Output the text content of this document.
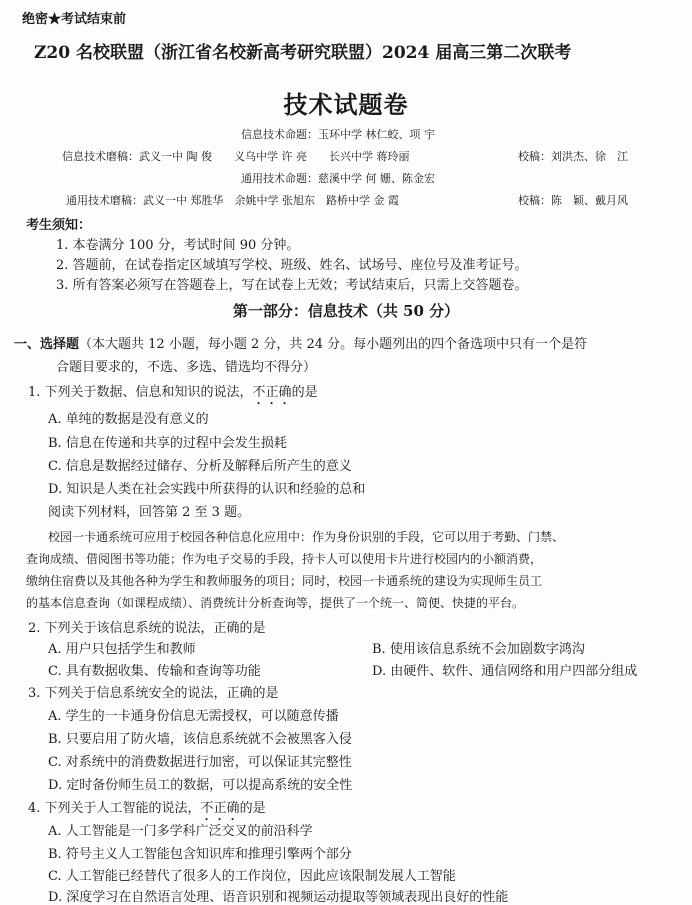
绝密★考试结束前
Z20 名校联盟（浙江省名校新高考研究联盟）2024 届高三第二次联考
技术试题卷
信息技术命题：玉环中学 林仁蛟、项 宇
信息技术磨稿：武义一中 陶 俊　　义乌中学 许 亮　　长兴中学 蒋玲丽	校稿：刘洪杰、徐　江
通用技术命题：慈溪中学 何 姗、陈金宏
通用技术磨稿：武义一中 郑胜华　余姚中学 张旭东　路桥中学 金 霞	校稿：陈　颖、戴月风
考生须知：
1. 本卷满分 100 分，考试时间 90 分钟。
2. 答题前，在试卷指定区域填写学校、班级、姓名、试场号、座位号及准考证号。
3. 所有答案必须写在答题卷上，写在试卷上无效；考试结束后，只需上交答题卷。
第一部分：信息技术（共 50 分）
一、选择题（本大题共 12 小题，每小题 2 分，共 24 分。每小题列出的四个备选项中只有一个是符
合题目要求的，不选、多选、错选均不得分）
1. 下列关于数据、信息和知识的说法，不正确的是
A. 单纯的数据是没有意义的
B. 信息在传递和共享的过程中会发生损耗
C. 信息是数据经过储存、分析及解释后所产生的意义
D. 知识是人类在社会实践中所获得的认识和经验的总和
阅读下列材料，回答第 2 至 3 题。
校园一卡通系统可应用于校园各种信息化应用中：作为身份识别的手段，它可以用于考勤、门禁、
查询成绩、借阅图书等功能；作为电子交易的手段，持卡人可以使用卡片进行校园内的小额消费，
缴纳住宿费以及其他各种为学生和教师服务的项目；同时，校园一卡通系统的建设为实现师生员工
的基本信息查询（如课程成绩）、消费统计分析查询等，提供了一个统一、简便、快捷的平台。
2. 下列关于该信息系统的说法，正确的是
A. 用户只包括学生和教师	B. 使用该信息系统不会加剧数字鸿沟
C. 具有数据收集、传输和查询等功能	D. 由硬件、软件、通信网络和用户四部分组成
3. 下列关于信息系统安全的说法，正确的是
A. 学生的一卡通身份信息无需授权，可以随意传播
B. 只要启用了防火墙，该信息系统就不会被黑客入侵
C. 对系统中的消费数据进行加密，可以保证其完整性
D. 定时备份师生员工的数据，可以提高系统的安全性
4. 下列关于人工智能的说法，不正确的是
A. 人工智能是一门多学科广泛交叉的前沿科学
B. 符号主义人工智能包含知识库和推理引擎两个部分
C. 人工智能已经替代了很多人的工作岗位，因此应该限制发展人工智能
D. 深度学习在自然语言处理、语音识别和视频运动提取等领域表现出良好的性能
